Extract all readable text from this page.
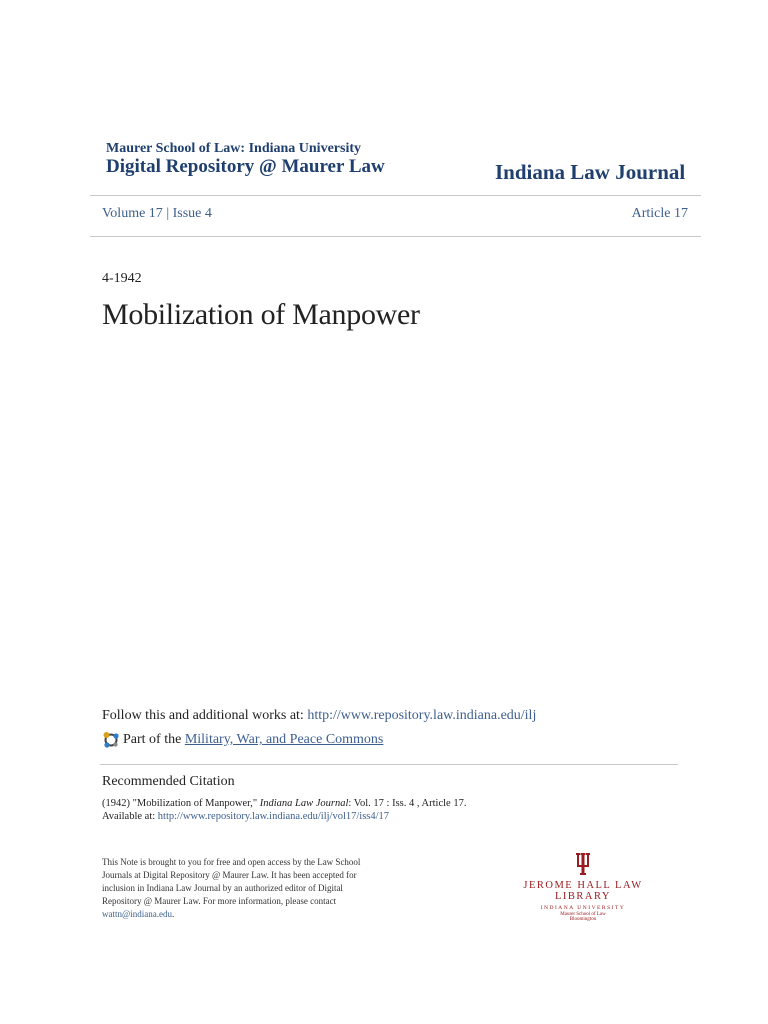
Maurer School of Law: Indiana University
Digital Repository @ Maurer Law	Indiana Law Journal
Volume 17 | Issue 4	Article 17
4-1942
Mobilization of Manpower
Follow this and additional works at: http://www.repository.law.indiana.edu/ilj
Part of the Military, War, and Peace Commons
Recommended Citation
(1942) "Mobilization of Manpower," Indiana Law Journal: Vol. 17 : Iss. 4 , Article 17.
Available at: http://www.repository.law.indiana.edu/ilj/vol17/iss4/17
This Note is brought to you for free and open access by the Law School Journals at Digital Repository @ Maurer Law. It has been accepted for inclusion in Indiana Law Journal by an authorized editor of Digital Repository @ Maurer Law. For more information, please contact wattn@indiana.edu.
JEROME HALL LAW LIBRARY
INDIANA UNIVERSITY
Maurer School of Law
Bloomington
